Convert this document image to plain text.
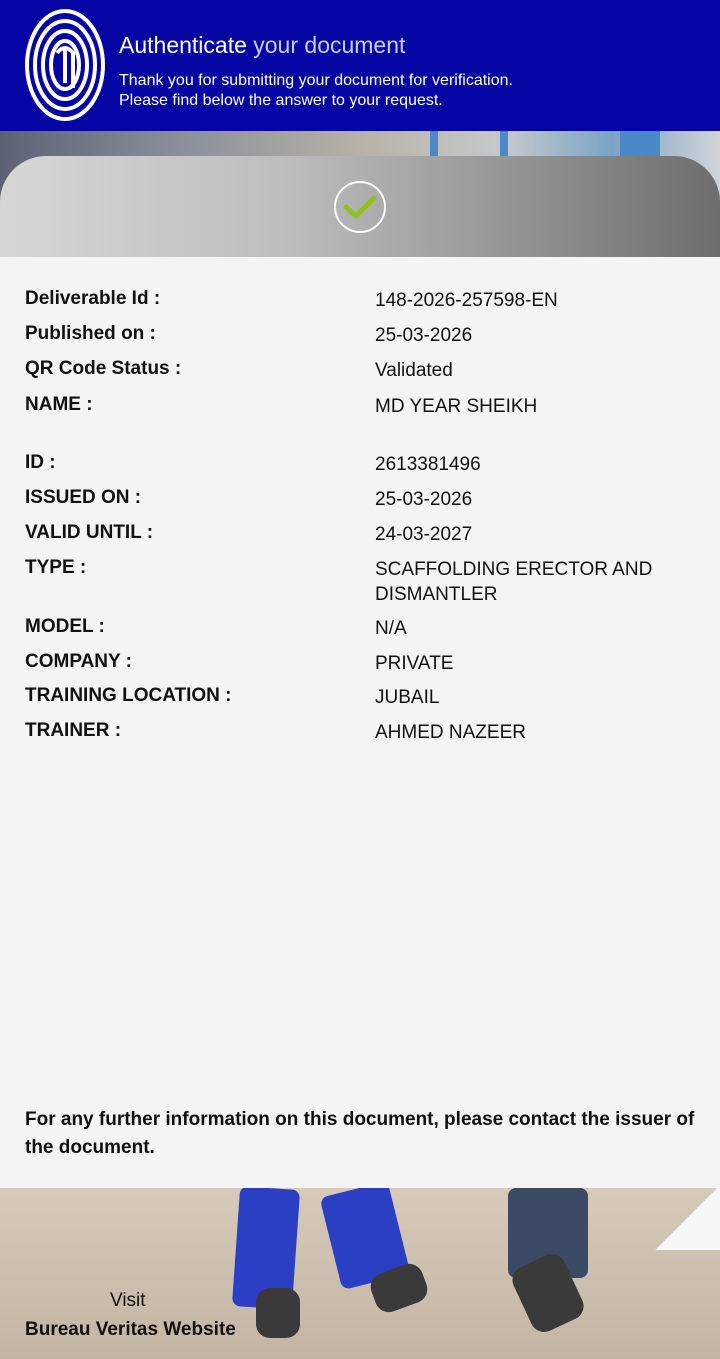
Authenticate your document
Thank you for submitting your document for verification.
Please find below the answer to your request.
Deliverable Id :	148-2026-257598-EN
Published on :	25-03-2026
QR Code Status :	Validated
NAME :	MD YEAR SHEIKH
ID :	2613381496
ISSUED ON :	25-03-2026
VALID UNTIL :	24-03-2027
TYPE :	SCAFFOLDING ERECTOR AND DISMANTLER
MODEL :	N/A
COMPANY :	PRIVATE
TRAINING LOCATION :	JUBAIL
TRAINER :	AHMED NAZEER
For any further information on this document, please contact the issuer of the document.
Visit
Bureau Veritas Website
